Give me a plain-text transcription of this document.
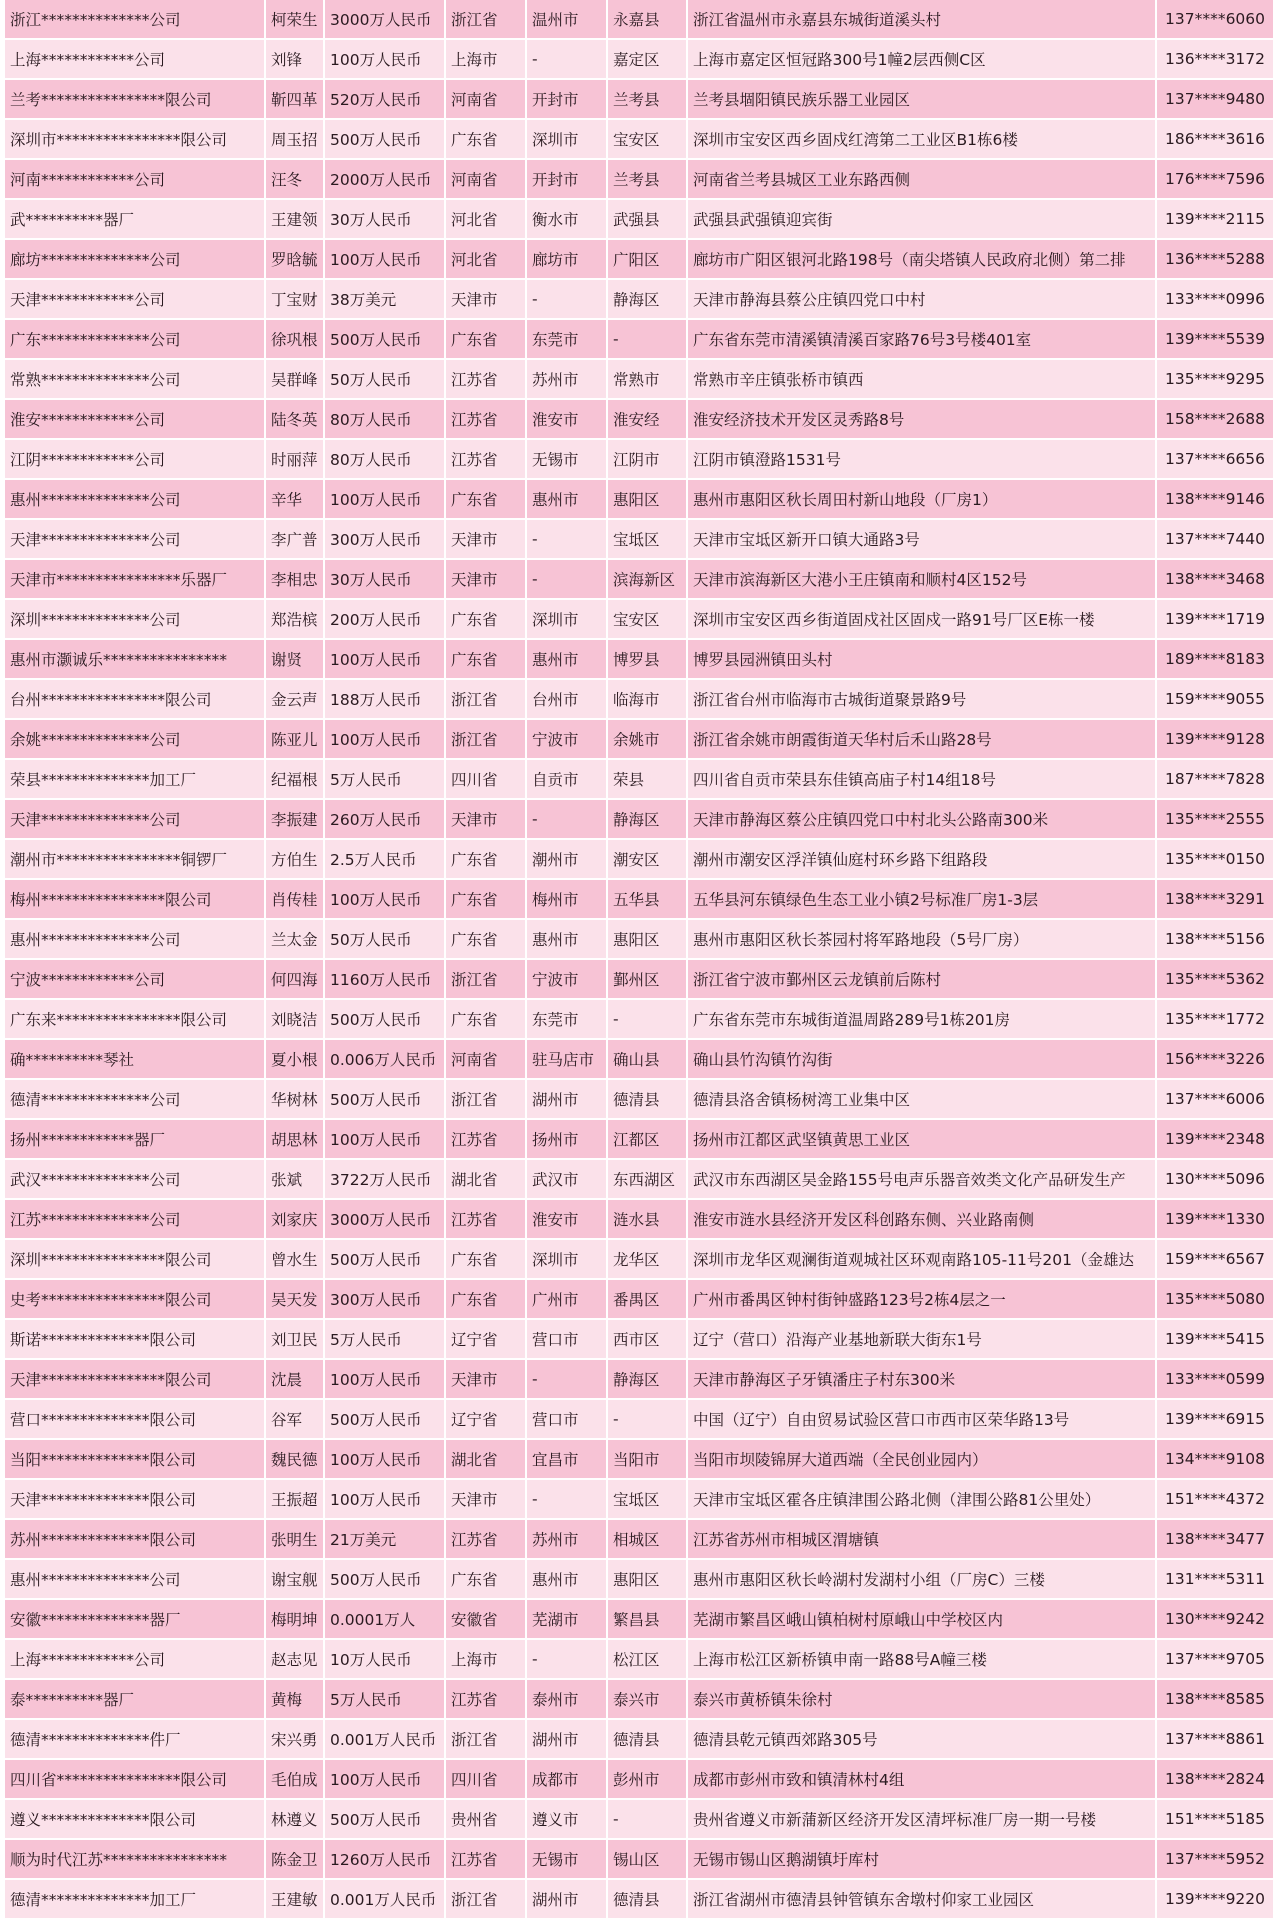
浙江**************公司	柯荣生	3000万人民币	浙江省	温州市	永嘉县	浙江省温州市永嘉县东城街道溪头村	137****6060
上海************公司	刘锋	100万人民币	上海市	-	嘉定区	上海市嘉定区恒冠路300号1幢2层西侧C区	136****3172
兰考****************限公司	靳四革	520万人民币	河南省	开封市	兰考县	兰考县堌阳镇民族乐器工业园区	137****9480
深圳市****************限公司	周玉招	500万人民币	广东省	深圳市	宝安区	深圳市宝安区西乡固戍红湾第二工业区B1栋6楼	186****3616
河南************公司	汪冬	2000万人民币	河南省	开封市	兰考县	河南省兰考县城区工业东路西侧	176****7596
武**********器厂	王建领	30万人民币	河北省	衡水市	武强县	武强县武强镇迎宾街	139****2115
廊坊**************公司	罗晗毓	100万人民币	河北省	廊坊市	广阳区	廊坊市广阳区银河北路198号（南尖塔镇人民政府北侧）第二排	136****5288
天津************公司	丁宝财	38万美元	天津市	-	静海区	天津市静海县蔡公庄镇四党口中村	133****0996
广东**************公司	徐巩根	500万人民币	广东省	东莞市	-	广东省东莞市清溪镇清溪百家路76号3号楼401室	139****5539
常熟**************公司	吴群峰	50万人民币	江苏省	苏州市	常熟市	常熟市辛庄镇张桥市镇西	135****9295
淮安************公司	陆冬英	80万人民币	江苏省	淮安市	淮安经	淮安经济技术开发区灵秀路8号	158****2688
江阴************公司	时丽萍	80万人民币	江苏省	无锡市	江阴市	江阴市镇澄路1531号	137****6656
惠州**************公司	辛华	100万人民币	广东省	惠州市	惠阳区	惠州市惠阳区秋长周田村新山地段（厂房1）	138****9146
天津**************公司	李广普	300万人民币	天津市	-	宝坻区	天津市宝坻区新开口镇大通路3号	137****7440
天津市****************乐器厂	李相忠	30万人民币	天津市	-	滨海新区	天津市滨海新区大港小王庄镇南和顺村4区152号	138****3468
深圳**************公司	郑浩槟	200万人民币	广东省	深圳市	宝安区	深圳市宝安区西乡街道固戍社区固戍一路91号厂区E栋一楼	139****1719
惠州市灏诚乐****************	谢贤	100万人民币	广东省	惠州市	博罗县	博罗县园洲镇田头村	189****8183
台州****************限公司	金云声	188万人民币	浙江省	台州市	临海市	浙江省台州市临海市古城街道聚景路9号	159****9055
余姚**************公司	陈亚儿	100万人民币	浙江省	宁波市	余姚市	浙江省余姚市朗霞街道天华村后禾山路28号	139****9128
荣县**************加工厂	纪福根	5万人民币	四川省	自贡市	荣县	四川省自贡市荣县东佳镇高庙子村14组18号	187****7828
天津**************公司	李振建	260万人民币	天津市	-	静海区	天津市静海区蔡公庄镇四党口中村北头公路南300米	135****2555
潮州市****************铜锣厂	方伯生	2.5万人民币	广东省	潮州市	潮安区	潮州市潮安区浮洋镇仙庭村环乡路下组路段	135****0150
梅州****************限公司	肖传桂	100万人民币	广东省	梅州市	五华县	五华县河东镇绿色生态工业小镇2号标准厂房1-3层	138****3291
惠州**************公司	兰太金	50万人民币	广东省	惠州市	惠阳区	惠州市惠阳区秋长茶园村将军路地段（5号厂房）	138****5156
宁波************公司	何四海	1160万人民币	浙江省	宁波市	鄞州区	浙江省宁波市鄞州区云龙镇前后陈村	135****5362
广东来****************限公司	刘晓洁	500万人民币	广东省	东莞市	-	广东省东莞市东城街道温周路289号1栋201房	135****1772
确**********琴社	夏小根	0.006万人民币	河南省	驻马店市	确山县	确山县竹沟镇竹沟街	156****3226
德清**************公司	华树林	500万人民币	浙江省	湖州市	德清县	德清县洛舍镇杨树湾工业集中区	137****6006
扬州************器厂	胡思林	100万人民币	江苏省	扬州市	江都区	扬州市江都区武坚镇黄思工业区	139****2348
武汉**************公司	张斌	3722万人民币	湖北省	武汉市	东西湖区	武汉市东西湖区吴金路155号电声乐器音效类文化产品研发生产	130****5096
江苏**************公司	刘家庆	3000万人民币	江苏省	淮安市	涟水县	淮安市涟水县经济开发区科创路东侧、兴业路南侧	139****1330
深圳****************限公司	曾水生	500万人民币	广东省	深圳市	龙华区	深圳市龙华区观澜街道观城社区环观南路105-11号201（金雄达	159****6567
史考****************限公司	吴天发	300万人民币	广东省	广州市	番禺区	广州市番禺区钟村街钟盛路123号2栋4层之一	135****5080
斯诺**************限公司	刘卫民	5万人民币	辽宁省	营口市	西市区	辽宁（营口）沿海产业基地新联大街东1号	139****5415
天津****************限公司	沈晨	100万人民币	天津市	-	静海区	天津市静海区子牙镇潘庄子村东300米	133****0599
营口**************限公司	谷军	500万人民币	辽宁省	营口市	-	中国（辽宁）自由贸易试验区营口市西市区荣华路13号	139****6915
当阳**************限公司	魏民德	100万人民币	湖北省	宜昌市	当阳市	当阳市坝陵锦屏大道西端（全民创业园内）	134****9108
天津**************限公司	王振超	100万人民币	天津市	-	宝坻区	天津市宝坻区霍各庄镇津围公路北侧（津围公路81公里处）	151****4372
苏州**************限公司	张明生	21万美元	江苏省	苏州市	相城区	江苏省苏州市相城区渭塘镇	138****3477
惠州**************公司	谢宝舰	500万人民币	广东省	惠州市	惠阳区	惠州市惠阳区秋长岭湖村发湖村小组（厂房C）三楼	131****5311
安徽**************器厂	梅明坤	0.0001万人	安徽省	芜湖市	繁昌县	芜湖市繁昌区峨山镇柏树村原峨山中学校区内	130****9242
上海************公司	赵志见	10万人民币	上海市	-	松江区	上海市松江区新桥镇申南一路88号A幢三楼	137****9705
泰**********器厂	黄梅	5万人民币	江苏省	泰州市	泰兴市	泰兴市黄桥镇朱徐村	138****8585
德清**************件厂	宋兴勇	0.001万人民币	浙江省	湖州市	德清县	德清县乾元镇西郊路305号	137****8861
四川省****************限公司	毛伯成	100万人民币	四川省	成都市	彭州市	成都市彭州市致和镇清林村4组	138****2824
遵义**************限公司	林遵义	500万人民币	贵州省	遵义市	-	贵州省遵义市新蒲新区经济开发区清坪标准厂房一期一号楼	151****5185
顺为时代江苏****************	陈金卫	1260万人民币	江苏省	无锡市	锡山区	无锡市锡山区鹅湖镇圩库村	137****5952
德清**************加工厂	王建敏	0.001万人民币	浙江省	湖州市	德清县	浙江省湖州市德清县钟管镇东舍墩村仰家工业园区	139****9220
